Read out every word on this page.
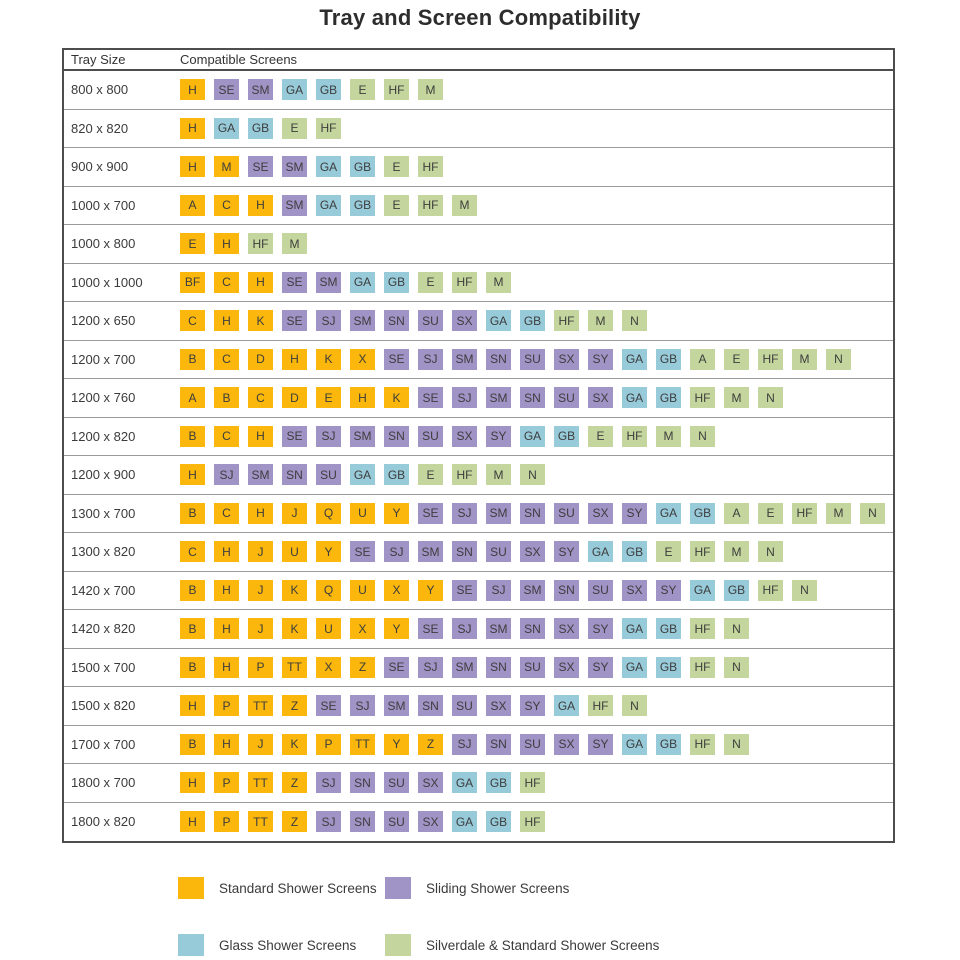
Tray and Screen Compatibility
Tray Size	Compatible Screens
800 x 800	H	SE	SM	GA	GB	E	HF	M
820 x 820	H	GA	GB	E	HF
900 x 900	H	M	SE	SM	GA	GB	E	HF
1000 x 700	A	C	H	SM	GA	GB	E	HF	M
1000 x 800	E	H	HF	M
1000 x 1000	BF	C	H	SE	SM	GA	GB	E	HF	M
1200 x 650	C	H	K	SE	SJ	SM	SN	SU	SX	GA	GB	HF	M	N
1200 x 700	B	C	D	H	K	X	SE	SJ	SM	SN	SU	SX	SY	GA	GB	A	E	HF	M	N
1200 x 760	A	B	C	D	E	H	K	SE	SJ	SM	SN	SU	SX	GA	GB	HF	M	N
1200 x 820	B	C	H	SE	SJ	SM	SN	SU	SX	SY	GA	GB	E	HF	M	N
1200 x 900	H	SJ	SM	SN	SU	GA	GB	E	HF	M	N
1300 x 700	B	C	H	J	Q	U	Y	SE	SJ	SM	SN	SU	SX	SY	GA	GB	A	E	HF	M	N
1300 x 820	C	H	J	U	Y	SE	SJ	SM	SN	SU	SX	SY	GA	GB	E	HF	M	N
1420 x 700	B	H	J	K	Q	U	X	Y	SE	SJ	SM	SN	SU	SX	SY	GA	GB	HF	N
1420 x 820	B	H	J	K	U	X	Y	SE	SJ	SM	SN	SX	SY	GA	GB	HF	N
1500 x 700	B	H	P	TT	X	Z	SE	SJ	SM	SN	SU	SX	SY	GA	GB	HF	N
1500 x 820	H	P	TT	Z	SE	SJ	SM	SN	SU	SX	SY	GA	HF	N
1700 x 700	B	H	J	K	P	TT	Y	Z	SJ	SN	SU	SX	SY	GA	GB	HF	N
1800 x 700	H	P	TT	Z	SJ	SN	SU	SX	GA	GB	HF
1800 x 820	H	P	TT	Z	SJ	SN	SU	SX	GA	GB	HF
Standard Shower Screens	Sliding Shower Screens
Glass Shower Screens	Silverdale & Standard Shower Screens
